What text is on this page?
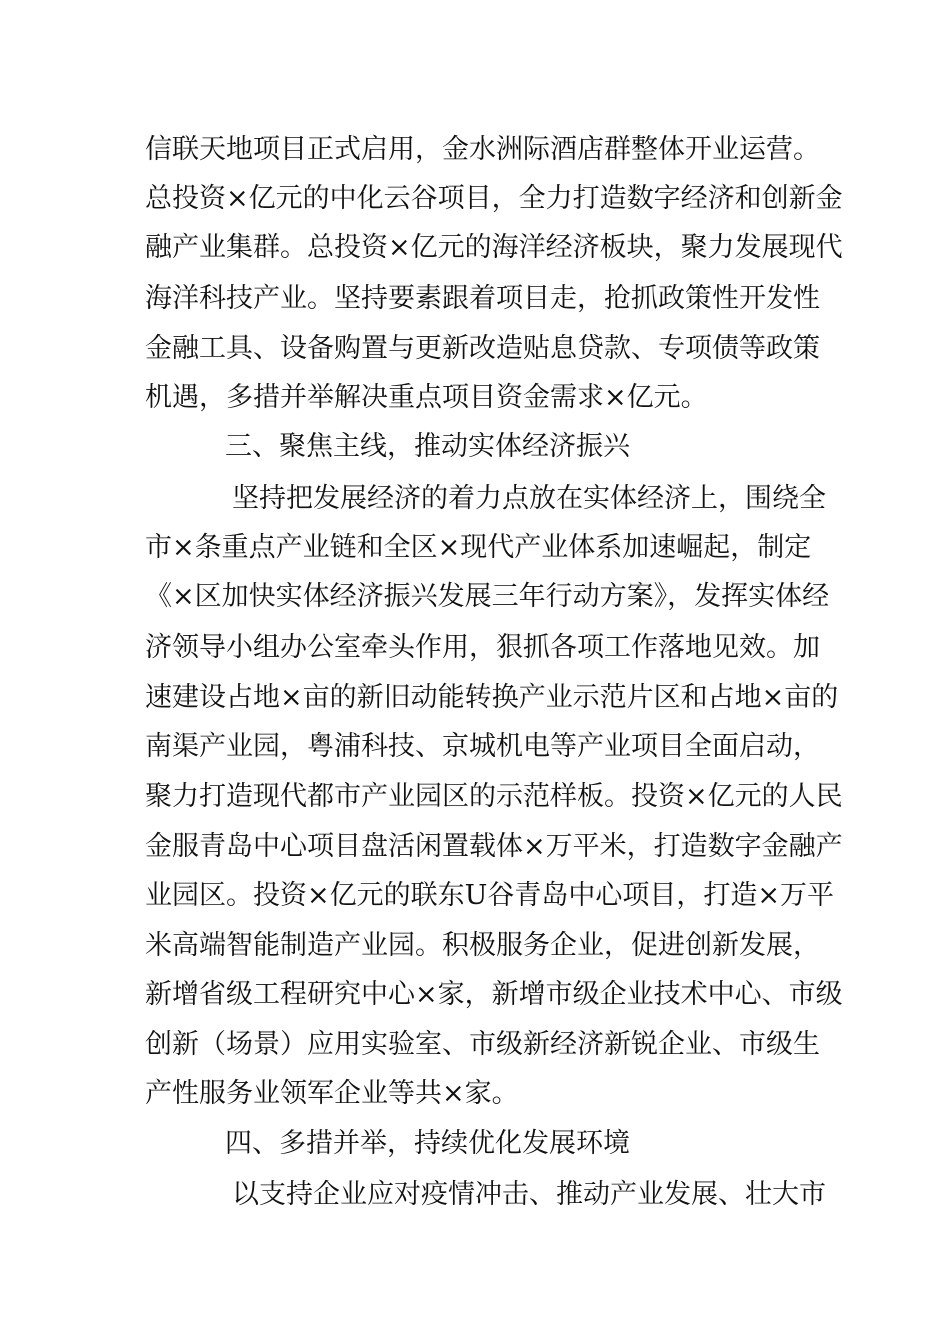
信联天地项目正式启用，金水洲际酒店群整体开业运营。
总投资×亿元的中化云谷项目，全力打造数字经济和创新金
融产业集群。总投资×亿元的海洋经济板块，聚力发展现代
海洋科技产业。坚持要素跟着项目走，抢抓政策性开发性
金融工具、设备购置与更新改造贴息贷款、专项债等政策
机遇，多措并举解决重点项目资金需求×亿元。
三、聚焦主线，推动实体经济振兴
坚持把发展经济的着力点放在实体经济上，围绕全
市×条重点产业链和全区×现代产业体系加速崛起，制定
《×区加快实体经济振兴发展三年行动方案》，发挥实体经
济领导小组办公室牵头作用，狠抓各项工作落地见效。加
速建设占地×亩的新旧动能转换产业示范片区和占地×亩的
南渠产业园，粤浦科技、京城机电等产业项目全面启动，
聚力打造现代都市产业园区的示范样板。投资×亿元的人民
金服青岛中心项目盘活闲置载体×万平米，打造数字金融产
业园区。投资×亿元的联东U谷青岛中心项目，打造×万平
米高端智能制造产业园。积极服务企业，促进创新发展，
新增省级工程研究中心×家，新增市级企业技术中心、市级
创新（场景）应用实验室、市级新经济新锐企业、市级生
产性服务业领军企业等共×家。
四、多措并举，持续优化发展环境
以支持企业应对疫情冲击、推动产业发展、壮大市
